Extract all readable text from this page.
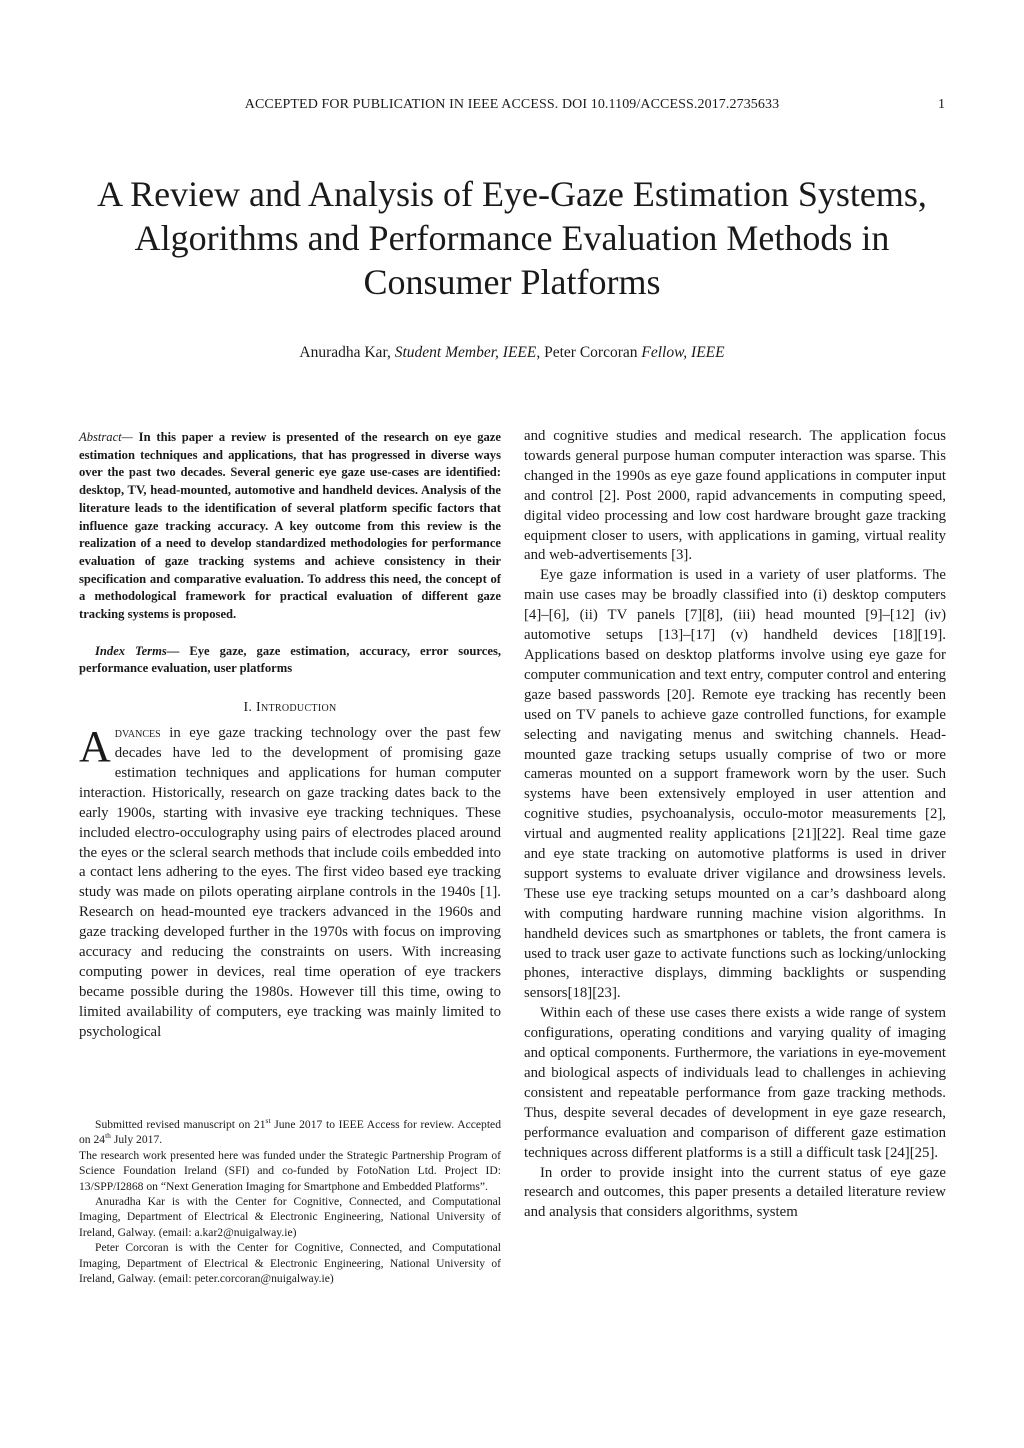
ACCEPTED FOR PUBLICATION IN IEEE ACCESS. DOI 10.1109/ACCESS.2017.2735633	1
A Review and Analysis of Eye-Gaze Estimation Systems, Algorithms and Performance Evaluation Methods in Consumer Platforms
Anuradha Kar, Student Member, IEEE, Peter Corcoran Fellow, IEEE

Abstract— In this paper a review is presented of the research on eye gaze estimation techniques and applications, that has progressed in diverse ways over the past two decades. Several generic eye gaze use-cases are identified: desktop, TV, head-mounted, automotive and handheld devices. Analysis of the literature leads to the identification of several platform specific factors that influence gaze tracking accuracy. A key outcome from this review is the realization of a need to develop standardized methodologies for performance evaluation of gaze tracking systems and achieve consistency in their specification and comparative evaluation. To address this need, the concept of a methodological framework for practical evaluation of different gaze tracking systems is proposed.

Index Terms— Eye gaze, gaze estimation, accuracy, error sources, performance evaluation, user platforms

I. Introduction

Advances in eye gaze tracking technology over the past few decades have led to the development of promising gaze estimation techniques and applications for human computer interaction. Historically, research on gaze tracking dates back to the early 1900s, starting with invasive eye tracking techniques. These included electro-occulography using pairs of electrodes placed around the eyes or the scleral search methods that include coils embedded into a contact lens adhering to the eyes. The first video based eye tracking study was made on pilots operating airplane controls in the 1940s [1]. Research on head-mounted eye trackers advanced in the 1960s and gaze tracking developed further in the 1970s with focus on improving accuracy and reducing the constraints on users. With increasing computing power in devices, real time operation of eye trackers became possible during the 1980s. However till this time, owing to limited availability of computers, eye tracking was mainly limited to psychological

Submitted revised manuscript on 21st June 2017 to IEEE Access for review. Accepted on 24th July 2017.

The research work presented here was funded under the Strategic Partnership Program of Science Foundation Ireland (SFI) and co-funded by FotoNation Ltd. Project ID: 13/SPP/I2868 on “Next Generation Imaging for Smartphone and Embedded Platforms”.

Anuradha Kar is with the Center for Cognitive, Connected, and Computational Imaging, Department of Electrical & Electronic Engineering, National University of Ireland, Galway. (email: a.kar2@nuigalway.ie)

Peter Corcoran is with the Center for Cognitive, Connected, and Computational Imaging, Department of Electrical & Electronic Engineering, National University of Ireland, Galway. (email: peter.corcoran@nuigalway.ie)

and cognitive studies and medical research. The application focus towards general purpose human computer interaction was sparse. This changed in the 1990s as eye gaze found applications in computer input and control [2]. Post 2000, rapid advancements in computing speed, digital video processing and low cost hardware brought gaze tracking equipment closer to users, with applications in gaming, virtual reality and web-advertisements [3].

Eye gaze information is used in a variety of user platforms. The main use cases may be broadly classified into (i) desktop computers [4]–[6], (ii) TV panels [7][8], (iii) head mounted [9]–[12] (iv) automotive setups [13]–[17] (v) handheld devices [18][19]. Applications based on desktop platforms involve using eye gaze for computer communication and text entry, computer control and entering gaze based passwords [20]. Remote eye tracking has recently been used on TV panels to achieve gaze controlled functions, for example selecting and navigating menus and switching channels. Head-mounted gaze tracking setups usually comprise of two or more cameras mounted on a support framework worn by the user. Such systems have been extensively employed in user attention and cognitive studies, psychoanalysis, occulo-motor measurements [2], virtual and augmented reality applications [21][22]. Real time gaze and eye state tracking on automotive platforms is used in driver support systems to evaluate driver vigilance and drowsiness levels. These use eye tracking setups mounted on a car’s dashboard along with computing hardware running machine vision algorithms. In handheld devices such as smartphones or tablets, the front camera is used to track user gaze to activate functions such as locking/unlocking phones, interactive displays, dimming backlights or suspending sensors[18][23].

Within each of these use cases there exists a wide range of system configurations, operating conditions and varying quality of imaging and optical components. Furthermore, the variations in eye-movement and biological aspects of individuals lead to challenges in achieving consistent and repeatable performance from gaze tracking methods. Thus, despite several decades of development in eye gaze research, performance evaluation and comparison of different gaze estimation techniques across different platforms is a still a difficult task [24][25].

In order to provide insight into the current status of eye gaze research and outcomes, this paper presents a detailed literature review and analysis that considers algorithms, system
